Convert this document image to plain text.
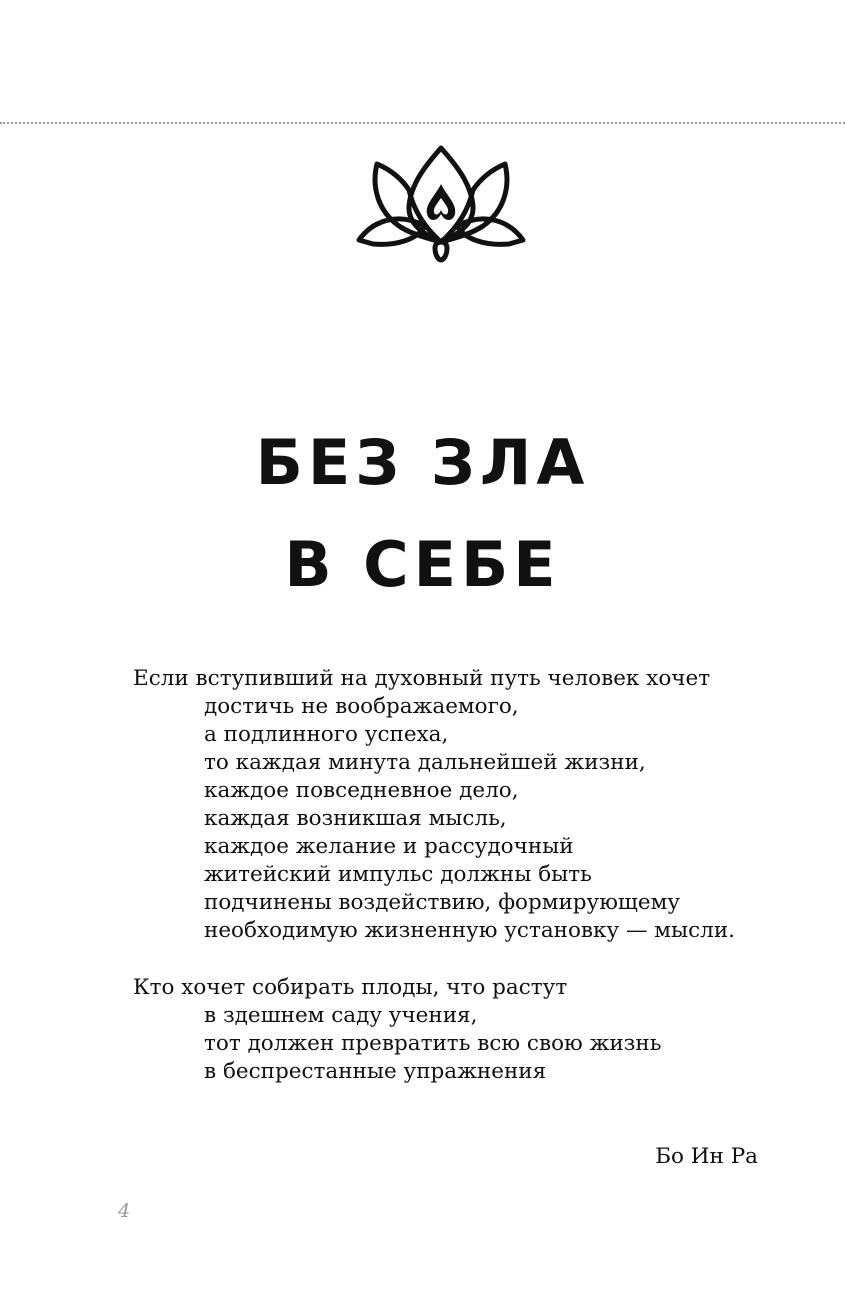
БЕЗ ЗЛА
В СЕБЕ

Если вступивший на духовный путь человек хочет
достичь не воображаемого,
а подлинного успеха,
то каждая минута дальнейшей жизни,
каждое повседневное дело,
каждая возникшая мысль,
каждое желание и рассудочный
житейский импульс должны быть
подчинены воздействию, формирующему
необходимую жизненную установку — мысли.

Кто хочет собирать плоды, что растут
в здешнем саду учения,
тот должен превратить всю свою жизнь
в беспрестанные упражнения

Бо Ин Ра
4
